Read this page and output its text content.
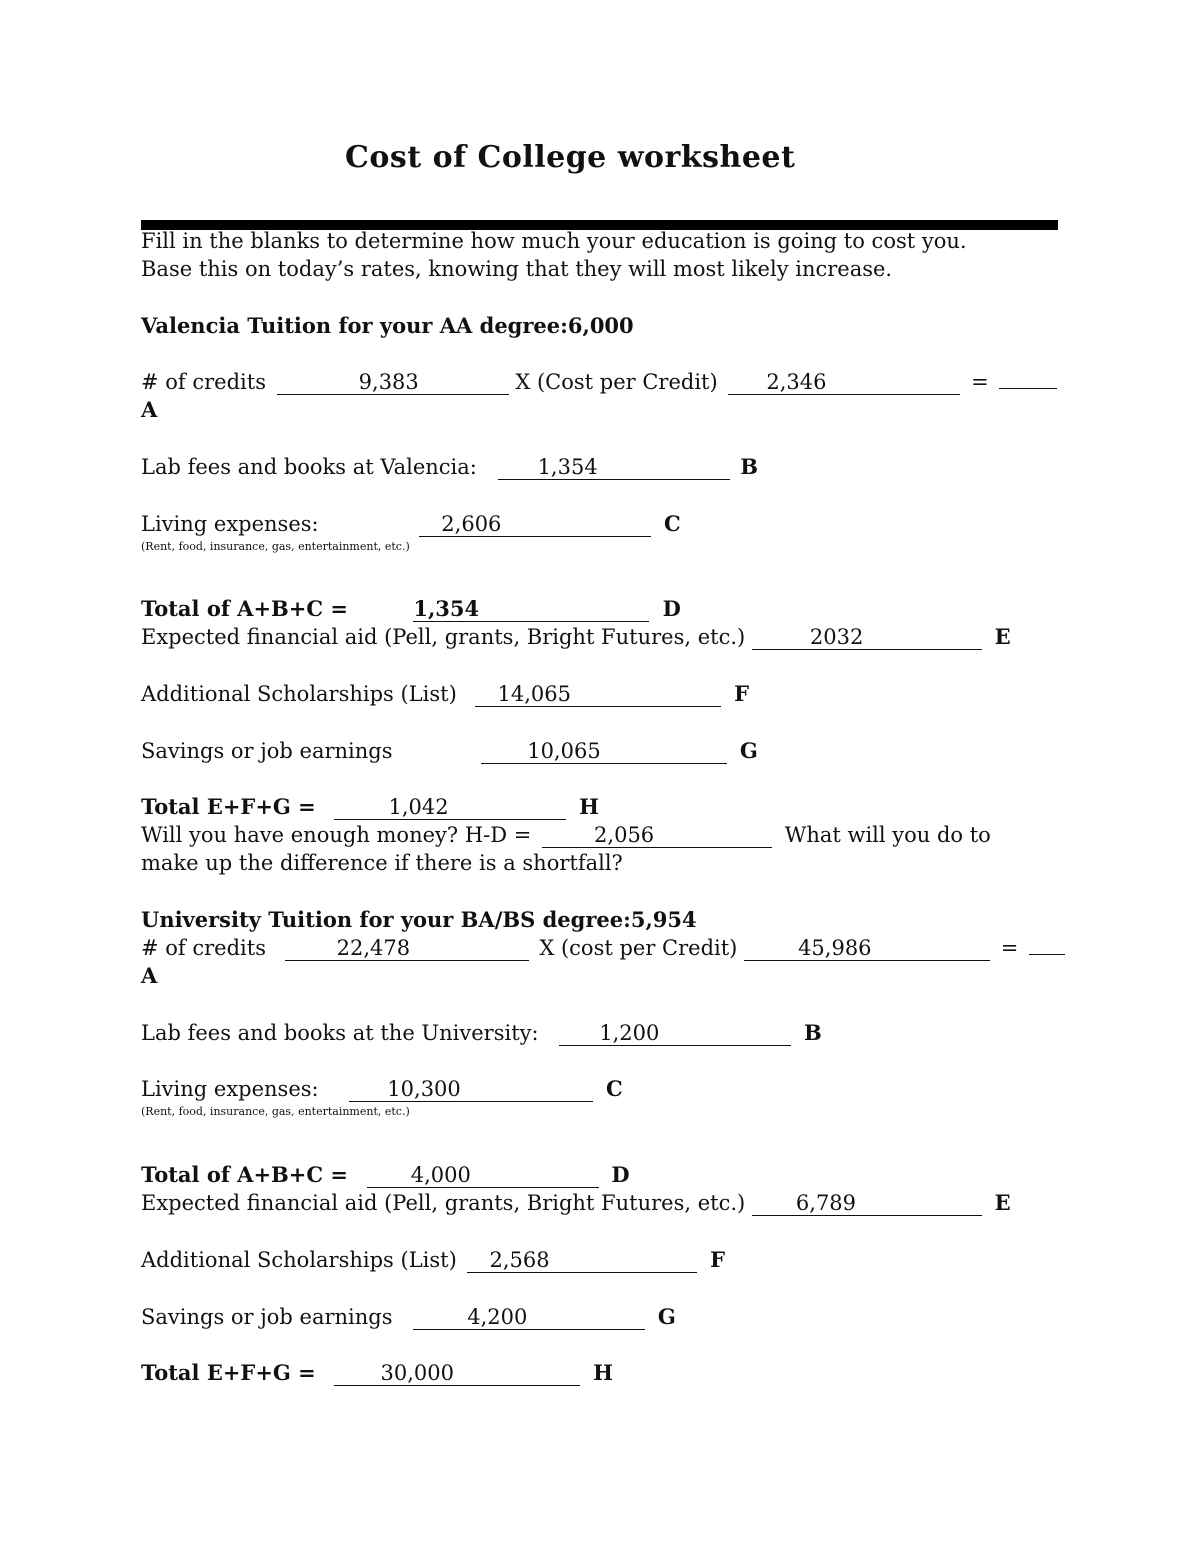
Cost of College worksheet
Fill in the blanks to determine how much your education is going to cost you.
Base this on today’s rates, knowing that they will most likely increase.
Valencia Tuition for your AA degree:6,000
# of credits	9,383	X (Cost per Credit) 2,346	=
A
Lab fees and books at Valencia:	1,354	B
Living expenses:	2,606	C
(Rent, food, insurance, gas, entertainment, etc.)
Total of A+B+C =	1,354	D
Expected financial aid (Pell, grants, Bright Futures, etc.)	2032	E
Additional Scholarships (List) 14,065	F
Savings or job earnings	10,065	G
Total E+F+G =	1,042	H
Will you have enough money? H-D =	2,056	What will you do to
make up the difference if there is a shortfall?
University Tuition for your BA/BS degree:5,954
# of credits	22,478	X (cost per Credit)	45,986	=
A
Lab fees and books at the University:	1,200	B
Living expenses:	10,300	C
(Rent, food, insurance, gas, entertainment, etc.)
Total of A+B+C =	4,000	D
Expected financial aid (Pell, grants, Bright Futures, etc.) 6,789	E
Additional Scholarships (List) 2,568	F
Savings or job earnings	4,200	G
Total E+F+G =	30,000	H
